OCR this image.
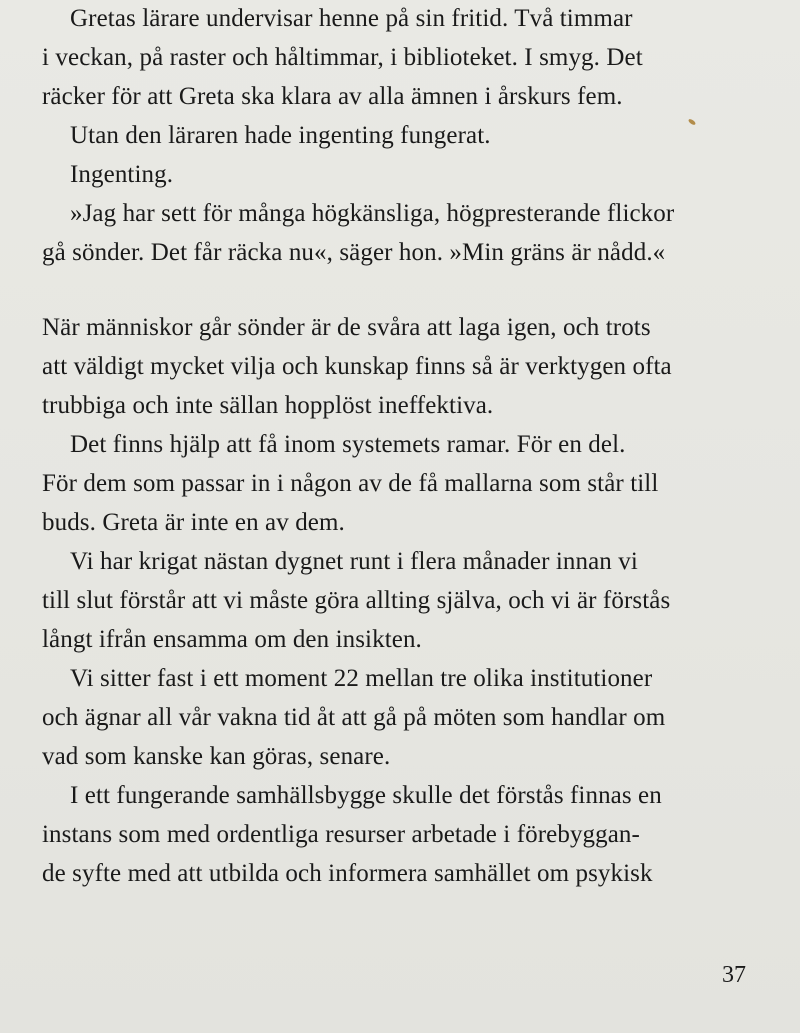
Gretas lärare undervisar henne på sin fritid. Två timmar
i veckan, på raster och håltimmar, i biblioteket. I smyg. Det
räcker för att Greta ska klara av alla ämnen i årskurs fem.
Utan den läraren hade ingenting fungerat.
Ingenting.
»Jag har sett för många högkänsliga, högpresterande flickor
gå sönder. Det får räcka nu«, säger hon. »Min gräns är nådd.«
När människor går sönder är de svåra att laga igen, och trots
att väldigt mycket vilja och kunskap finns så är verktygen ofta
trubbiga och inte sällan hopplöst ineffektiva.
Det finns hjälp att få inom systemets ramar. För en del.
För dem som passar in i någon av de få mallarna som står till
buds. Greta är inte en av dem.
Vi har krigat nästan dygnet runt i flera månader innan vi
till slut förstår att vi måste göra allting själva, och vi är förstås
långt ifrån ensamma om den insikten.
Vi sitter fast i ett moment 22 mellan tre olika institutioner
och ägnar all vår vakna tid åt att gå på möten som handlar om
vad som kanske kan göras, senare.
I ett fungerande samhällsbygge skulle det förstås finnas en
instans som med ordentliga resurser arbetade i förebyggan-
de syfte med att utbilda och informera samhället om psykisk
37
